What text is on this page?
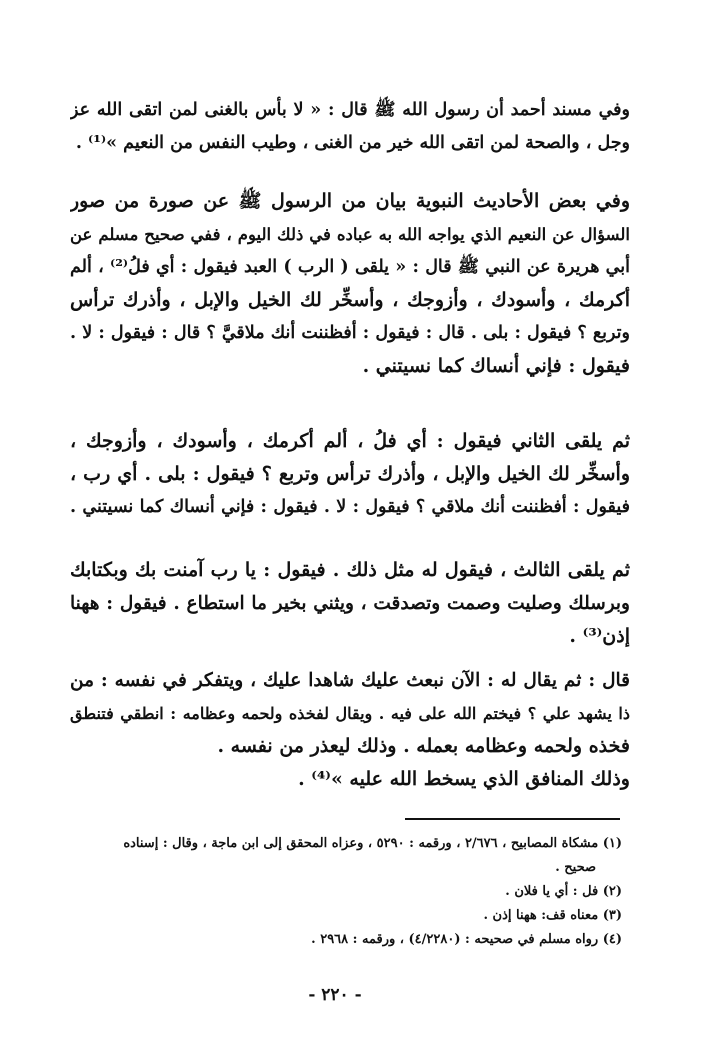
وفي مسند أحمد أن رسول الله ﷺ قال : « لا بأس بالغنى لمن اتقى الله عز
وجل ، والصحة لمن اتقى الله خير من الغنى ، وطيب النفس من النعيم »⁽¹⁾ .
وفي بعض الأحاديث النبوية بيان من الرسول ﷺ عن صورة من صور
السؤال عن النعيم الذي يواجه الله به عباده في ذلك اليوم ، ففي صحيح مسلم عن
أبي هريرة عن النبي ﷺ قال : « يلقى ( الرب ) العبد فيقول : أي فلُ⁽²⁾ ، ألم
أكرمك ، وأسودك ، وأزوجك ، وأسخِّر لك الخيل والإبل ، وأذرك ترأس
وتربع ؟ فيقول : بلى . قال : فيقول : أفظننت أنك ملاقيَّ ؟ قال : فيقول : لا .
فيقول : فإني أنساك كما نسيتني .
ثم يلقى الثاني فيقول : أي فلُ ، ألم أكرمك ، وأسودك ، وأزوجك ،
وأسخِّر لك الخيل والإبل ، وأذرك ترأس وتربع ؟ فيقول : بلى . أي رب ،
فيقول : أفظننت أنك ملاقي ؟ فيقول : لا . فيقول : فإني أنساك كما نسيتني .
ثم يلقى الثالث ، فيقول له مثل ذلك . فيقول : يا رب آمنت بك وبكتابك
وبرسلك وصليت وصمت وتصدقت ، ويثني بخير ما استطاع . فيقول : ههنا
إذن⁽³⁾ .
قال : ثم يقال له : الآن نبعث عليك شاهدا عليك ، ويتفكر في نفسه : من
ذا يشهد علي ؟ فيختم الله على فيه . ويقال لفخذه ولحمه وعظامه : انطقي فتنطق
فخذه ولحمه وعظامه بعمله . وذلك ليعذر من نفسه .
وذلك المنافق الذي يسخط الله عليه »⁽⁴⁾ .
(١) مشكاة المصابيح ، ٢/٦٧٦ ، ورقمه : ٥٢٩٠ ، وعزاه المحقق إلى ابن ماجة ، وقال : إسناده
صحيح .
(٢) فل : أي يا فلان .
(٣) معناه قف: ههنا إذن .
(٤) رواه مسلم في صحيحه : (٤/٢٢٨٠) ، ورقمه : ٢٩٦٨ .
- ٢٢٠ -
